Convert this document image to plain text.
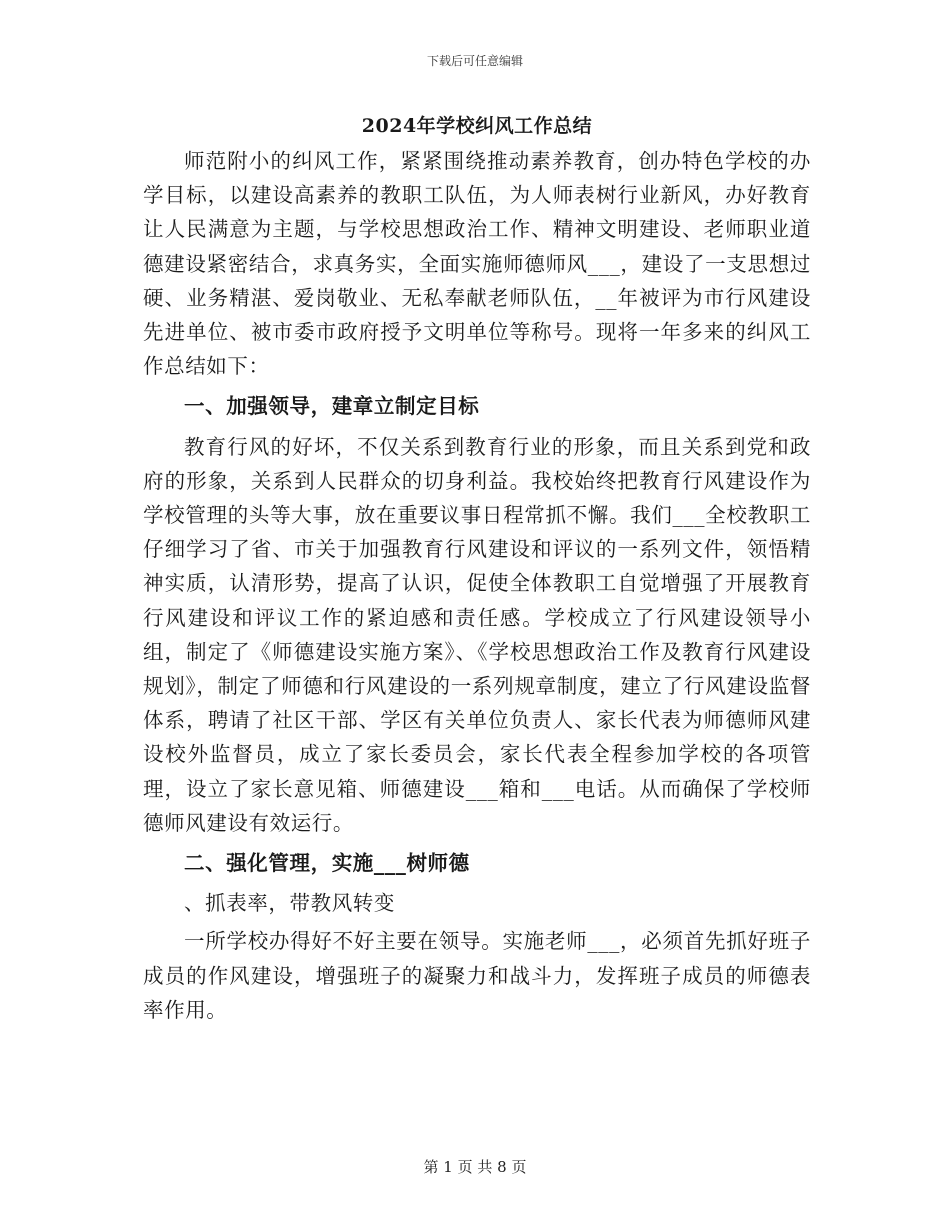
下载后可任意编辑
2024年学校纠风工作总结

师范附小的纠风工作，紧紧围绕推动素养教育，创办特色学校的办学目标，以建设高素养的教职工队伍，为人师表树行业新风，办好教育让人民满意为主题，与学校思想政治工作、精神文明建设、老师职业道德建设紧密结合，求真务实，全面实施师德师风___，建设了一支思想过硬、业务精湛、爱岗敬业、无私奉献老师队伍，__年被评为市行风建设先进单位、被市委市政府授予文明单位等称号。现将一年多来的纠风工作总结如下：

一、加强领导，建章立制定目标

教育行风的好坏，不仅关系到教育行业的形象，而且关系到党和政府的形象，关系到人民群众的切身利益。我校始终把教育行风建设作为学校管理的头等大事，放在重要议事日程常抓不懈。我们___全校教职工仔细学习了省、市关于加强教育行风建设和评议的一系列文件，领悟精神实质，认清形势，提高了认识，促使全体教职工自觉增强了开展教育行风建设和评议工作的紧迫感和责任感。学校成立了行风建设领导小组，制定了《师德建设实施方案》、《学校思想政治工作及教育行风建设规划》，制定了师德和行风建设的一系列规章制度，建立了行风建设监督体系，聘请了社区干部、学区有关单位负责人、家长代表为师德师风建设校外监督员，成立了家长委员会，家长代表全程参加学校的各项管理，设立了家长意见箱、师德建设___箱和___电话。从而确保了学校师德师风建设有效运行。

二、强化管理，实施___树师德

、抓表率，带教风转变

一所学校办得好不好主要在领导。实施老师___，必须首先抓好班子成员的作风建设，增强班子的凝聚力和战斗力，发挥班子成员的师德表率作用。

第 1 页 共 8 页
